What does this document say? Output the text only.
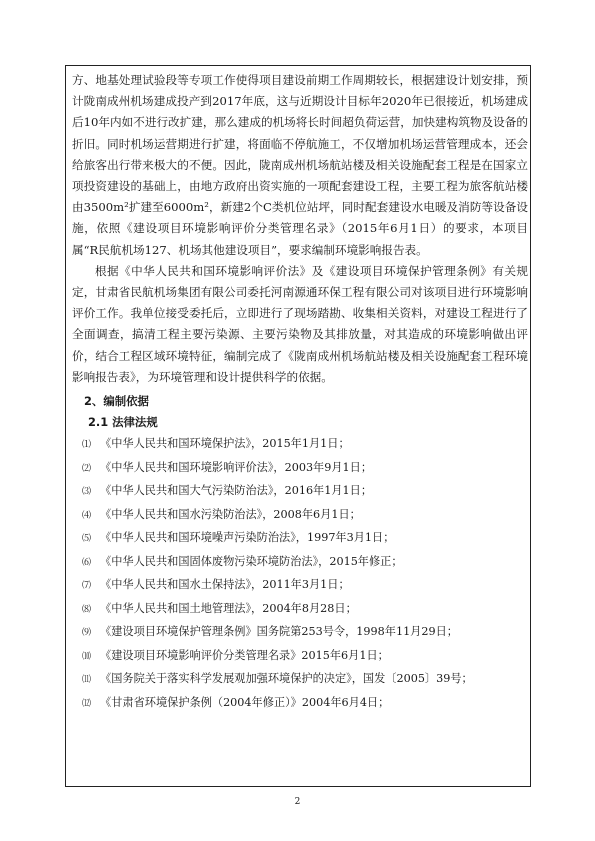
方、地基处理试验段等专项工作使得项目建设前期工作周期较长，根据建设计划安排，预计陇南成州机场建成投产到2017年底，这与近期设计目标年2020年已很接近，机场建成后10年内如不进行改扩建，那么建成的机场将长时间超负荷运营，加快建构筑物及设备的折旧。同时机场运营期进行扩建，将面临不停航施工，不仅增加机场运营管理成本，还会给旅客出行带来极大的不便。因此，陇南成州机场航站楼及相关设施配套工程是在国家立项投资建设的基础上，由地方政府出资实施的一项配套建设工程，主要工程为旅客航站楼由3500m²扩建至6000m²，新建2个C类机位站坪，同时配套建设水电暖及消防等设备设施，依照《建设项目环境影响评价分类管理名录》（2015年6月1日）的要求，本项目属“R民航机场127、机场其他建设项目”，要求编制环境影响报告表。

根据《中华人民共和国环境影响评价法》及《建设项目环境保护管理条例》有关规定，甘肃省民航机场集团有限公司委托河南源通环保工程有限公司对该项目进行环境影响评价工作。我单位接受委托后，立即进行了现场踏勘、收集相关资料，对建设工程进行了全面调查，搞清工程主要污染源、主要污染物及其排放量，对其造成的环境影响做出评价，结合工程区域环境特征，编制完成了《陇南成州机场航站楼及相关设施配套工程环境影响报告表》，为环境管理和设计提供科学的依据。

2、编制依据
2.1 法律法规
⑴ 《中华人民共和国环境保护法》，2015年1月1日；
⑵ 《中华人民共和国环境影响评价法》，2003年9月1日；
⑶ 《中华人民共和国大气污染防治法》，2016年1月1日；
⑷ 《中华人民共和国水污染防治法》，2008年6月1日；
⑸ 《中华人民共和国环境噪声污染防治法》，1997年3月1日；
⑹ 《中华人民共和国固体废物污染环境防治法》，2015年修正；
⑺ 《中华人民共和国水土保持法》，2011年3月1日；
⑻ 《中华人民共和国土地管理法》，2004年8月28日；
⑼ 《建设项目环境保护管理条例》国务院第253号令，1998年11月29日；
⑽ 《建设项目环境影响评价分类管理名录》2015年6月1日；
⑾ 《国务院关于落实科学发展观加强环境保护的决定》，国发〔2005〕39号；
⑿ 《甘肃省环境保护条例（2004年修正）》2004年6月4日；
2
